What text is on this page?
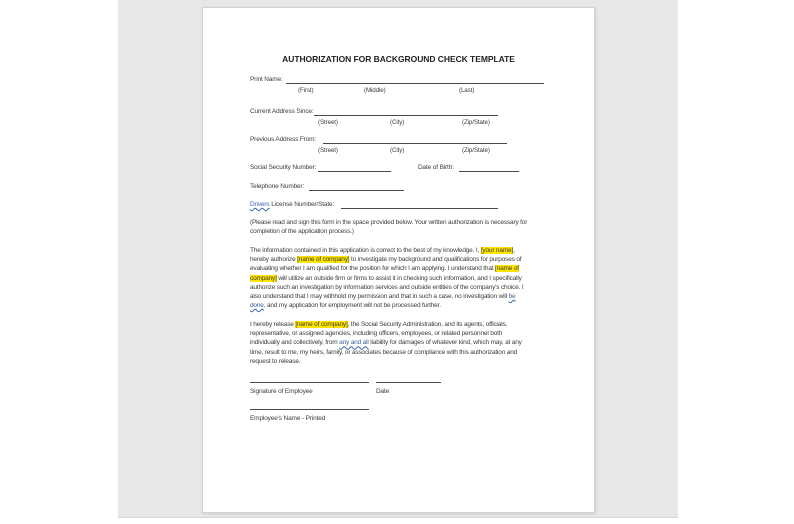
AUTHORIZATION FOR BACKGROUND CHECK TEMPLATE
Print Name:
(First)	(Middle)	(Last)
Current Address Since:
(Street)	(City)	(Zip/State)
Previous Address From:
(Street)	(City)	(Zip/State)
Social Security Number:	Date of Birth:
Telephone Number:
Drivers License Number/State:
(Please read and sign this form in the space provided below. Your written authorization is necessary for
completion of the application process.)
The information contained in this application is correct to the best of my knowledge. I, [your name],
hereby authorize [name of company] to investigate my background and qualifications for purposes of
evaluating whether I am qualified for the position for which I am applying. I understand that [name of
company] will utilize an outside firm or firms to assist it in checking such information, and I specifically
authorize such an investigation by information services and outside entities of the company's choice. I
also understand that I may withhold my permission and that in such a case, no investigation will be
done, and my application for employment will not be processed further.
I hereby release [name of company], the Social Security Administration, and its agents, officials,
representative, or assigned agencies, including officers, employees, or related personnel both
individually and collectively, from any and all liability for damages of whatever kind, which may, at any
time, result to me, my heirs, family, or associates because of compliance with this authorization and
request to release.
Signature of Employee	Date
Employee's Name - Printed
